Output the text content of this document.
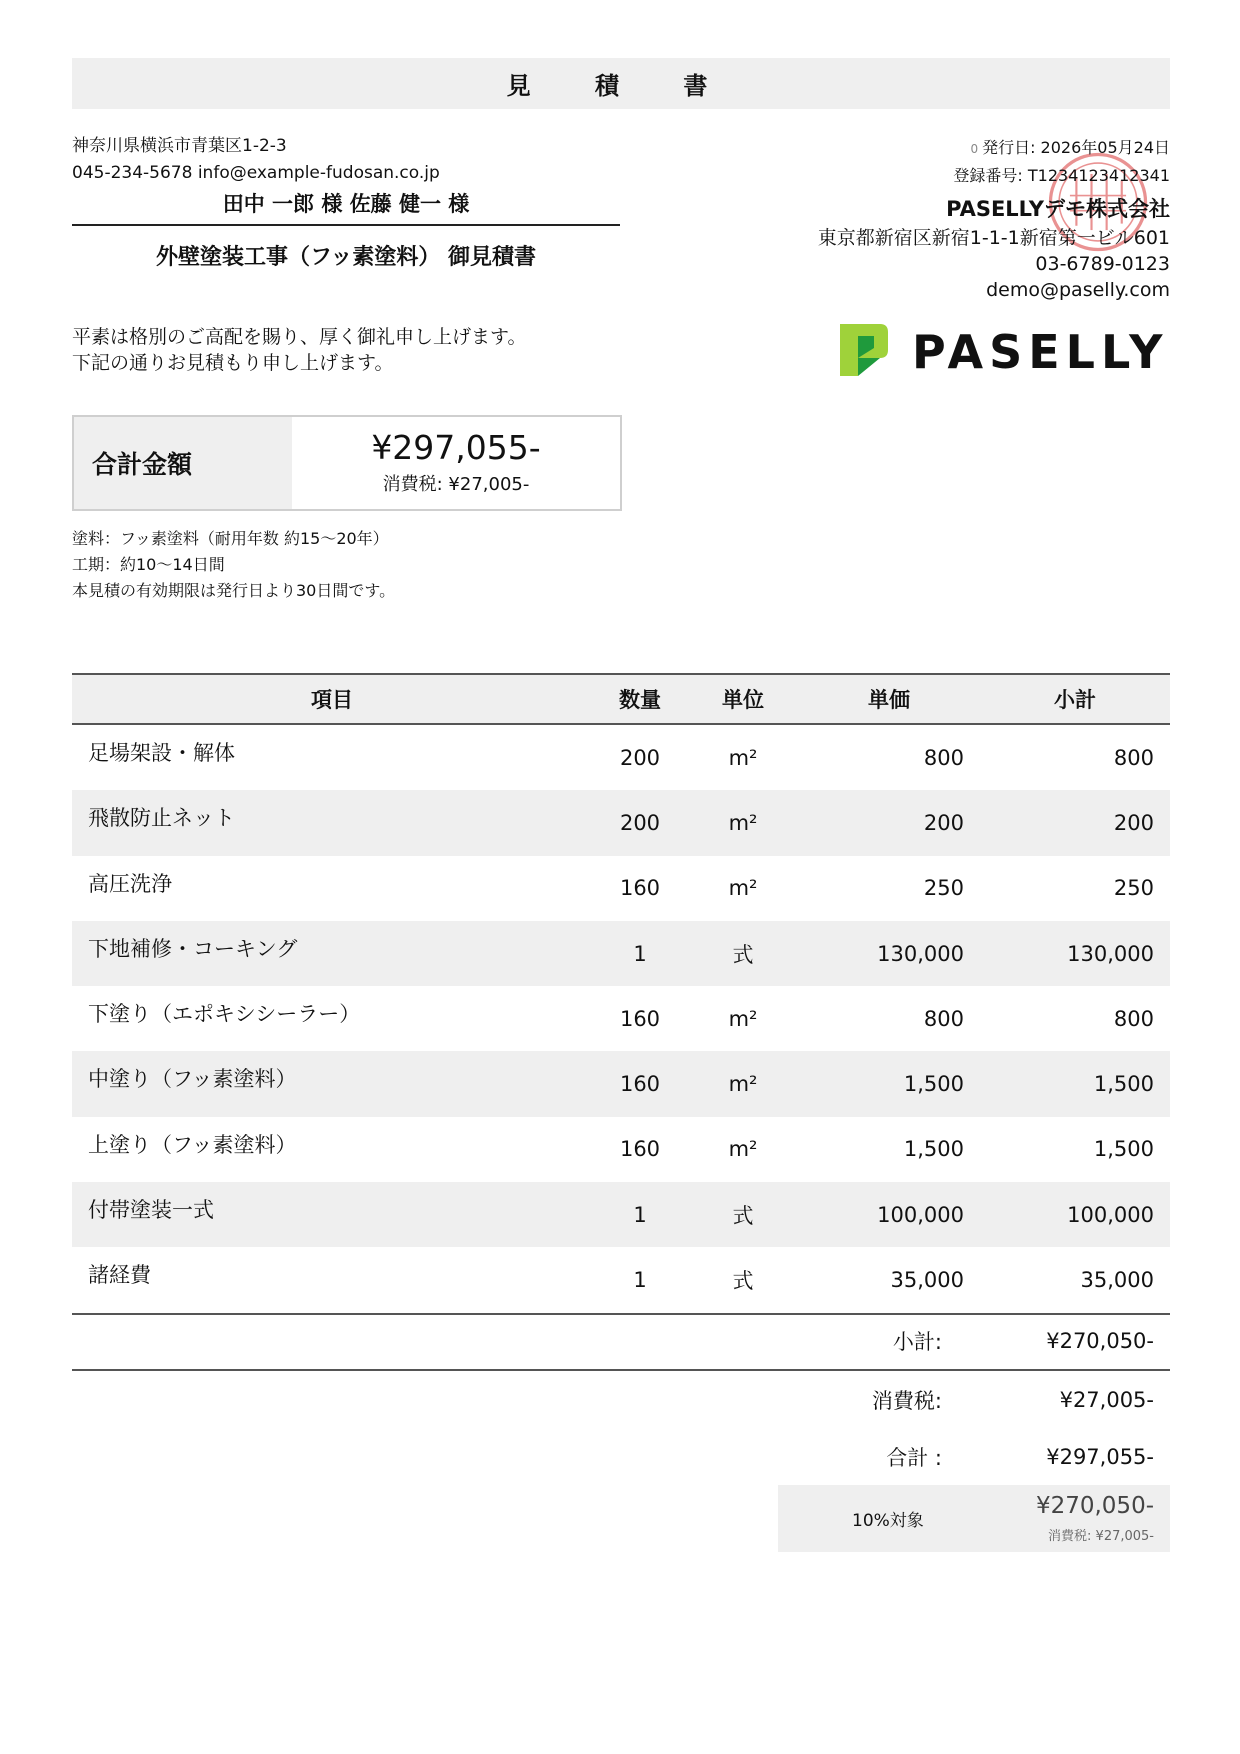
見 積 書
神奈川県横浜市青葉区1-2-3
045-234-5678 info@example-fudosan.co.jp
田中 一郎 様 佐藤 健一 様
外壁塗装工事（フッ素塗料） 御見積書
平素は格別のご高配を賜り、厚く御礼申し上げます。
下記の通りお見積もり申し上げます。
0 発行日: 2026年05月24日
登録番号: T1234123412341
PASELLYデモ株式会社
東京都新宿区新宿1-1-1新宿第一ビル601
03-6789-0123
demo@paselly.com
PASELLY
合計金額	¥297,055-
消費税: ¥27,005-
塗料：フッ素塗料（耐用年数 約15〜20年）
工期：約10〜14日間
本見積の有効期限は発行日より30日間です。
項目	数量	単位	単価	小計
足場架設・解体	200	m²	800	800
飛散防止ネット	200	m²	200	200
高圧洗浄	160	m²	250	250
下地補修・コーキング	1	式	130,000	130,000
下塗り（エポキシシーラー）	160	m²	800	800
中塗り（フッ素塗料）	160	m²	1,500	1,500
上塗り（フッ素塗料）	160	m²	1,500	1,500
付帯塗装一式	1	式	100,000	100,000
諸経費	1	式	35,000	35,000
小計:	¥270,050-
消費税:	¥27,005-
合計 :	¥297,055-
10%対象
¥270,050-
消費税: ¥27,005-
